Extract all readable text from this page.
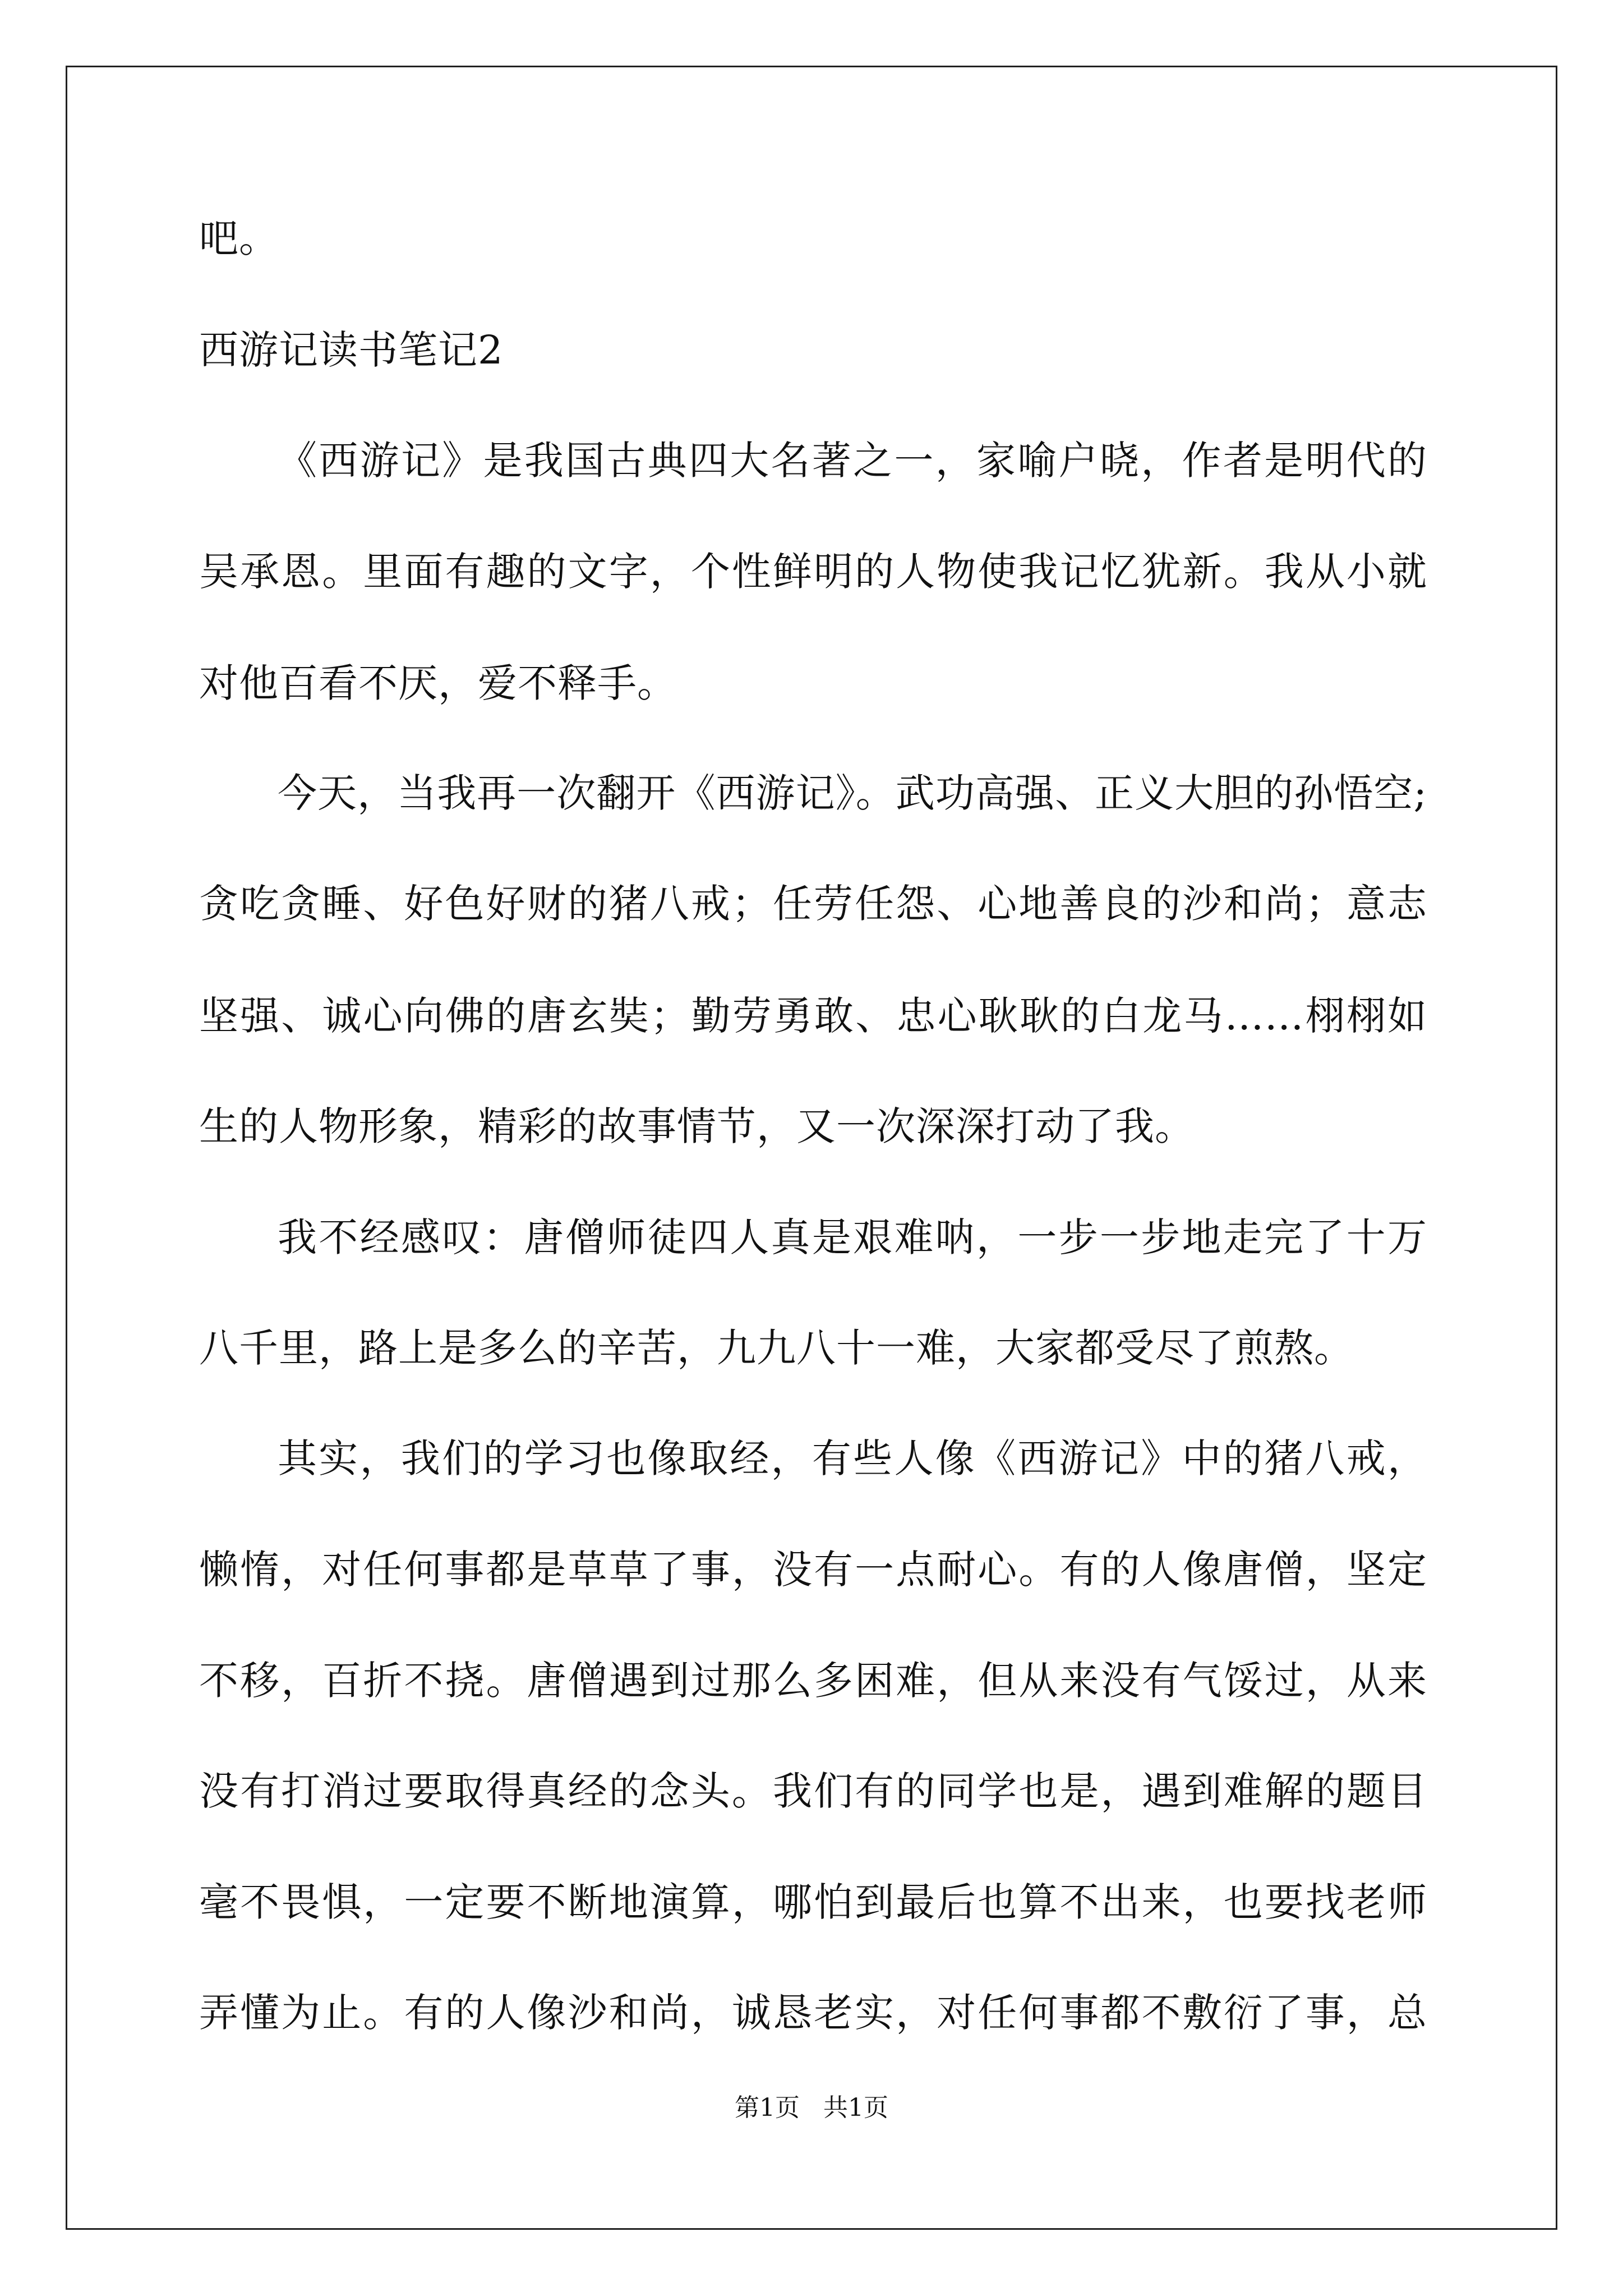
吧。
西游记读书笔记2
《西游记》是我国古典四大名著之一，家喻户晓，作者是明代的
吴承恩。里面有趣的文字，个性鲜明的人物使我记忆犹新。我从小就
对他百看不厌，爱不释手。
今天，当我再一次翻开《西游记》。武功高强、正义大胆的孙悟空;
贪吃贪睡、好色好财的猪八戒；任劳任怨、心地善良的沙和尚；意志
坚强、诚心向佛的唐玄奘；勤劳勇敢、忠心耿耿的白龙马……栩栩如
生的人物形象，精彩的故事情节，又一次深深打动了我。
我不经感叹：唐僧师徒四人真是艰难呐，一步一步地走完了十万
八千里，路上是多么的辛苦，九九八十一难，大家都受尽了煎熬。
其实，我们的学习也像取经，有些人像《西游记》中的猪八戒，
懒惰，对任何事都是草草了事，没有一点耐心。有的人像唐僧，坚定
不移，百折不挠。唐僧遇到过那么多困难，但从来没有气馁过，从来
没有打消过要取得真经的念头。我们有的同学也是，遇到难解的题目
毫不畏惧，一定要不断地演算，哪怕到最后也算不出来，也要找老师
弄懂为止。有的人像沙和尚，诚恳老实，对任何事都不敷衍了事，总
第1页   共1页
